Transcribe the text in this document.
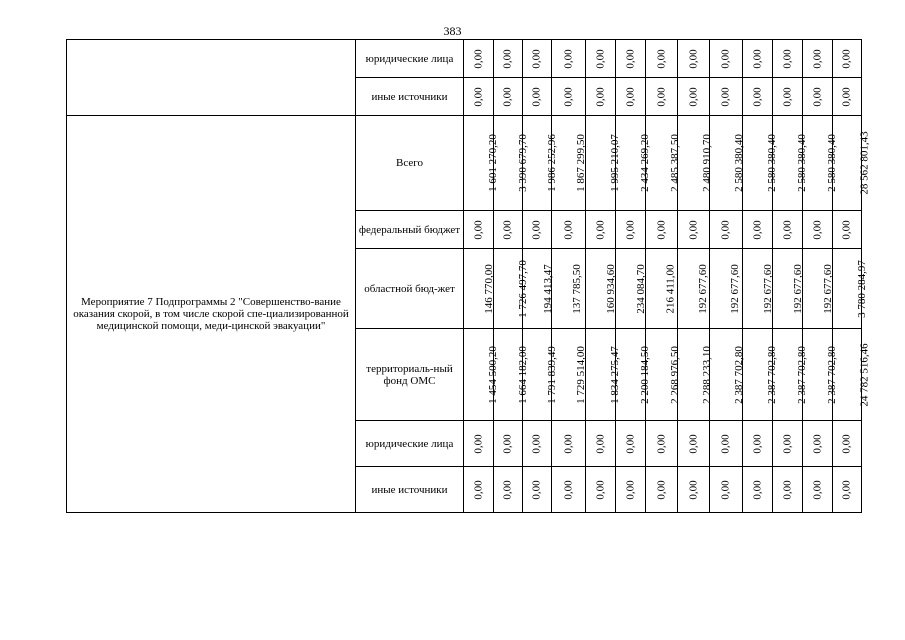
383
	юридические лица	0,00	0,00	0,00	0,00	0,00	0,00	0,00	0,00	0,00	0,00	0,00	0,00	0,00
	иные источники	0,00	0,00	0,00	0,00	0,00	0,00	0,00	0,00	0,00	0,00	0,00	0,00	0,00
Мероприятие 7 Подпрограммы 2 "Совершенство-вание оказания скорой, в том числе скорой спе-циализированной медицинской помощи, меди-цинской эвакуации"	Всего	1 601 270,20	3 390 679,70	1 986 252,96	1 867 299,50	1 995 210,07	2 434 269,20	2 485 387,50	2 480 910,70	2 580 380,40	2 580 380,40	2 580 380,40	2 580 380,40	28 562 801,43
	федеральный бюджет	0,00	0,00	0,00	0,00	0,00	0,00	0,00	0,00	0,00	0,00	0,00	0,00	0,00
	областной бюд-жет	146 770,00	1 726 497,70	194 413,47	137 785,50	160 934,60	234 084,70	216 411,00	192 677,60	192 677,60	192 677,60	192 677,60	192 677,60	3 780 284,97
	территориаль-ный фонд ОМС	1 454 500,20	1 664 182,00	1 791 839,49	1 729 514,00	1 834 275,47	2 200 184,50	2 268 976,50	2 288 233,10	2 387 702,80	2 387 702,80	2 387 702,80	2 387 702,80	24 782 516,46
	юридические лица	0,00	0,00	0,00	0,00	0,00	0,00	0,00	0,00	0,00	0,00	0,00	0,00	0,00
	иные источники	0,00	0,00	0,00	0,00	0,00	0,00	0,00	0,00	0,00	0,00	0,00	0,00	0,00
